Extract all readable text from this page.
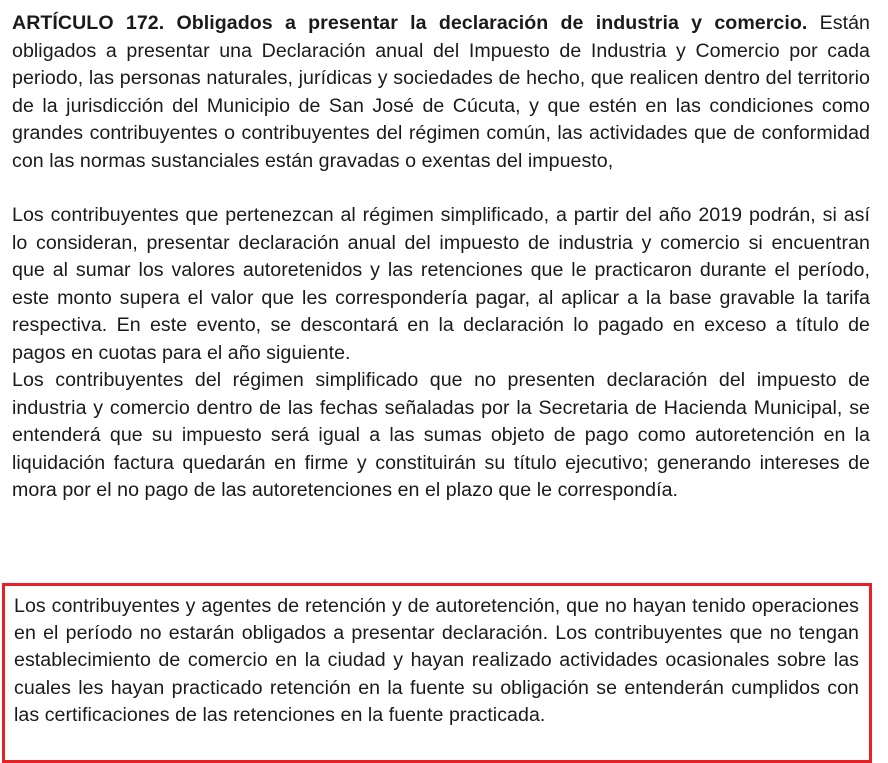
ARTÍCULO 172. Obligados a presentar la declaración de industria y comercio. Están obligados a presentar una Declaración anual del Impuesto de Industria y Comercio por cada periodo, las personas naturales, jurídicas y sociedades de hecho, que realicen dentro del territorio de la jurisdicción del Municipio de San José de Cúcuta, y que estén en las condiciones como grandes contribuyentes o contribuyentes del régimen común, las actividades que de conformidad con las normas sustanciales están gravadas o exentas del impuesto,

Los contribuyentes que pertenezcan al régimen simplificado, a partir del año 2019 podrán, si así lo consideran, presentar declaración anual del impuesto de industria y comercio si encuentran que al sumar los valores autoretenidos y las retenciones que le practicaron durante el período, este monto supera el valor que les correspondería pagar, al aplicar a la base gravable la tarifa respectiva. En este evento, se descontará en la declaración lo pagado en exceso a título de pagos en cuotas para el año siguiente.

Los contribuyentes del régimen simplificado que no presenten declaración del impuesto de industria y comercio dentro de las fechas señaladas por la Secretaria de Hacienda Municipal, se entenderá que su impuesto será igual a las sumas objeto de pago como autoretención en la liquidación factura quedarán en firme y constituirán su título ejecutivo; generando intereses de mora por el no pago de las autoretenciones en el plazo que le correspondía.

Los contribuyentes y agentes de retención y de autoretención, que no hayan tenido operaciones en el período no estarán obligados a presentar declaración. Los contribuyentes que no tengan establecimiento de comercio en la ciudad y hayan realizado actividades ocasionales sobre las cuales les hayan practicado retención en la fuente su obligación se entenderán cumplidos con las certificaciones de las retenciones en la fuente practicada.
